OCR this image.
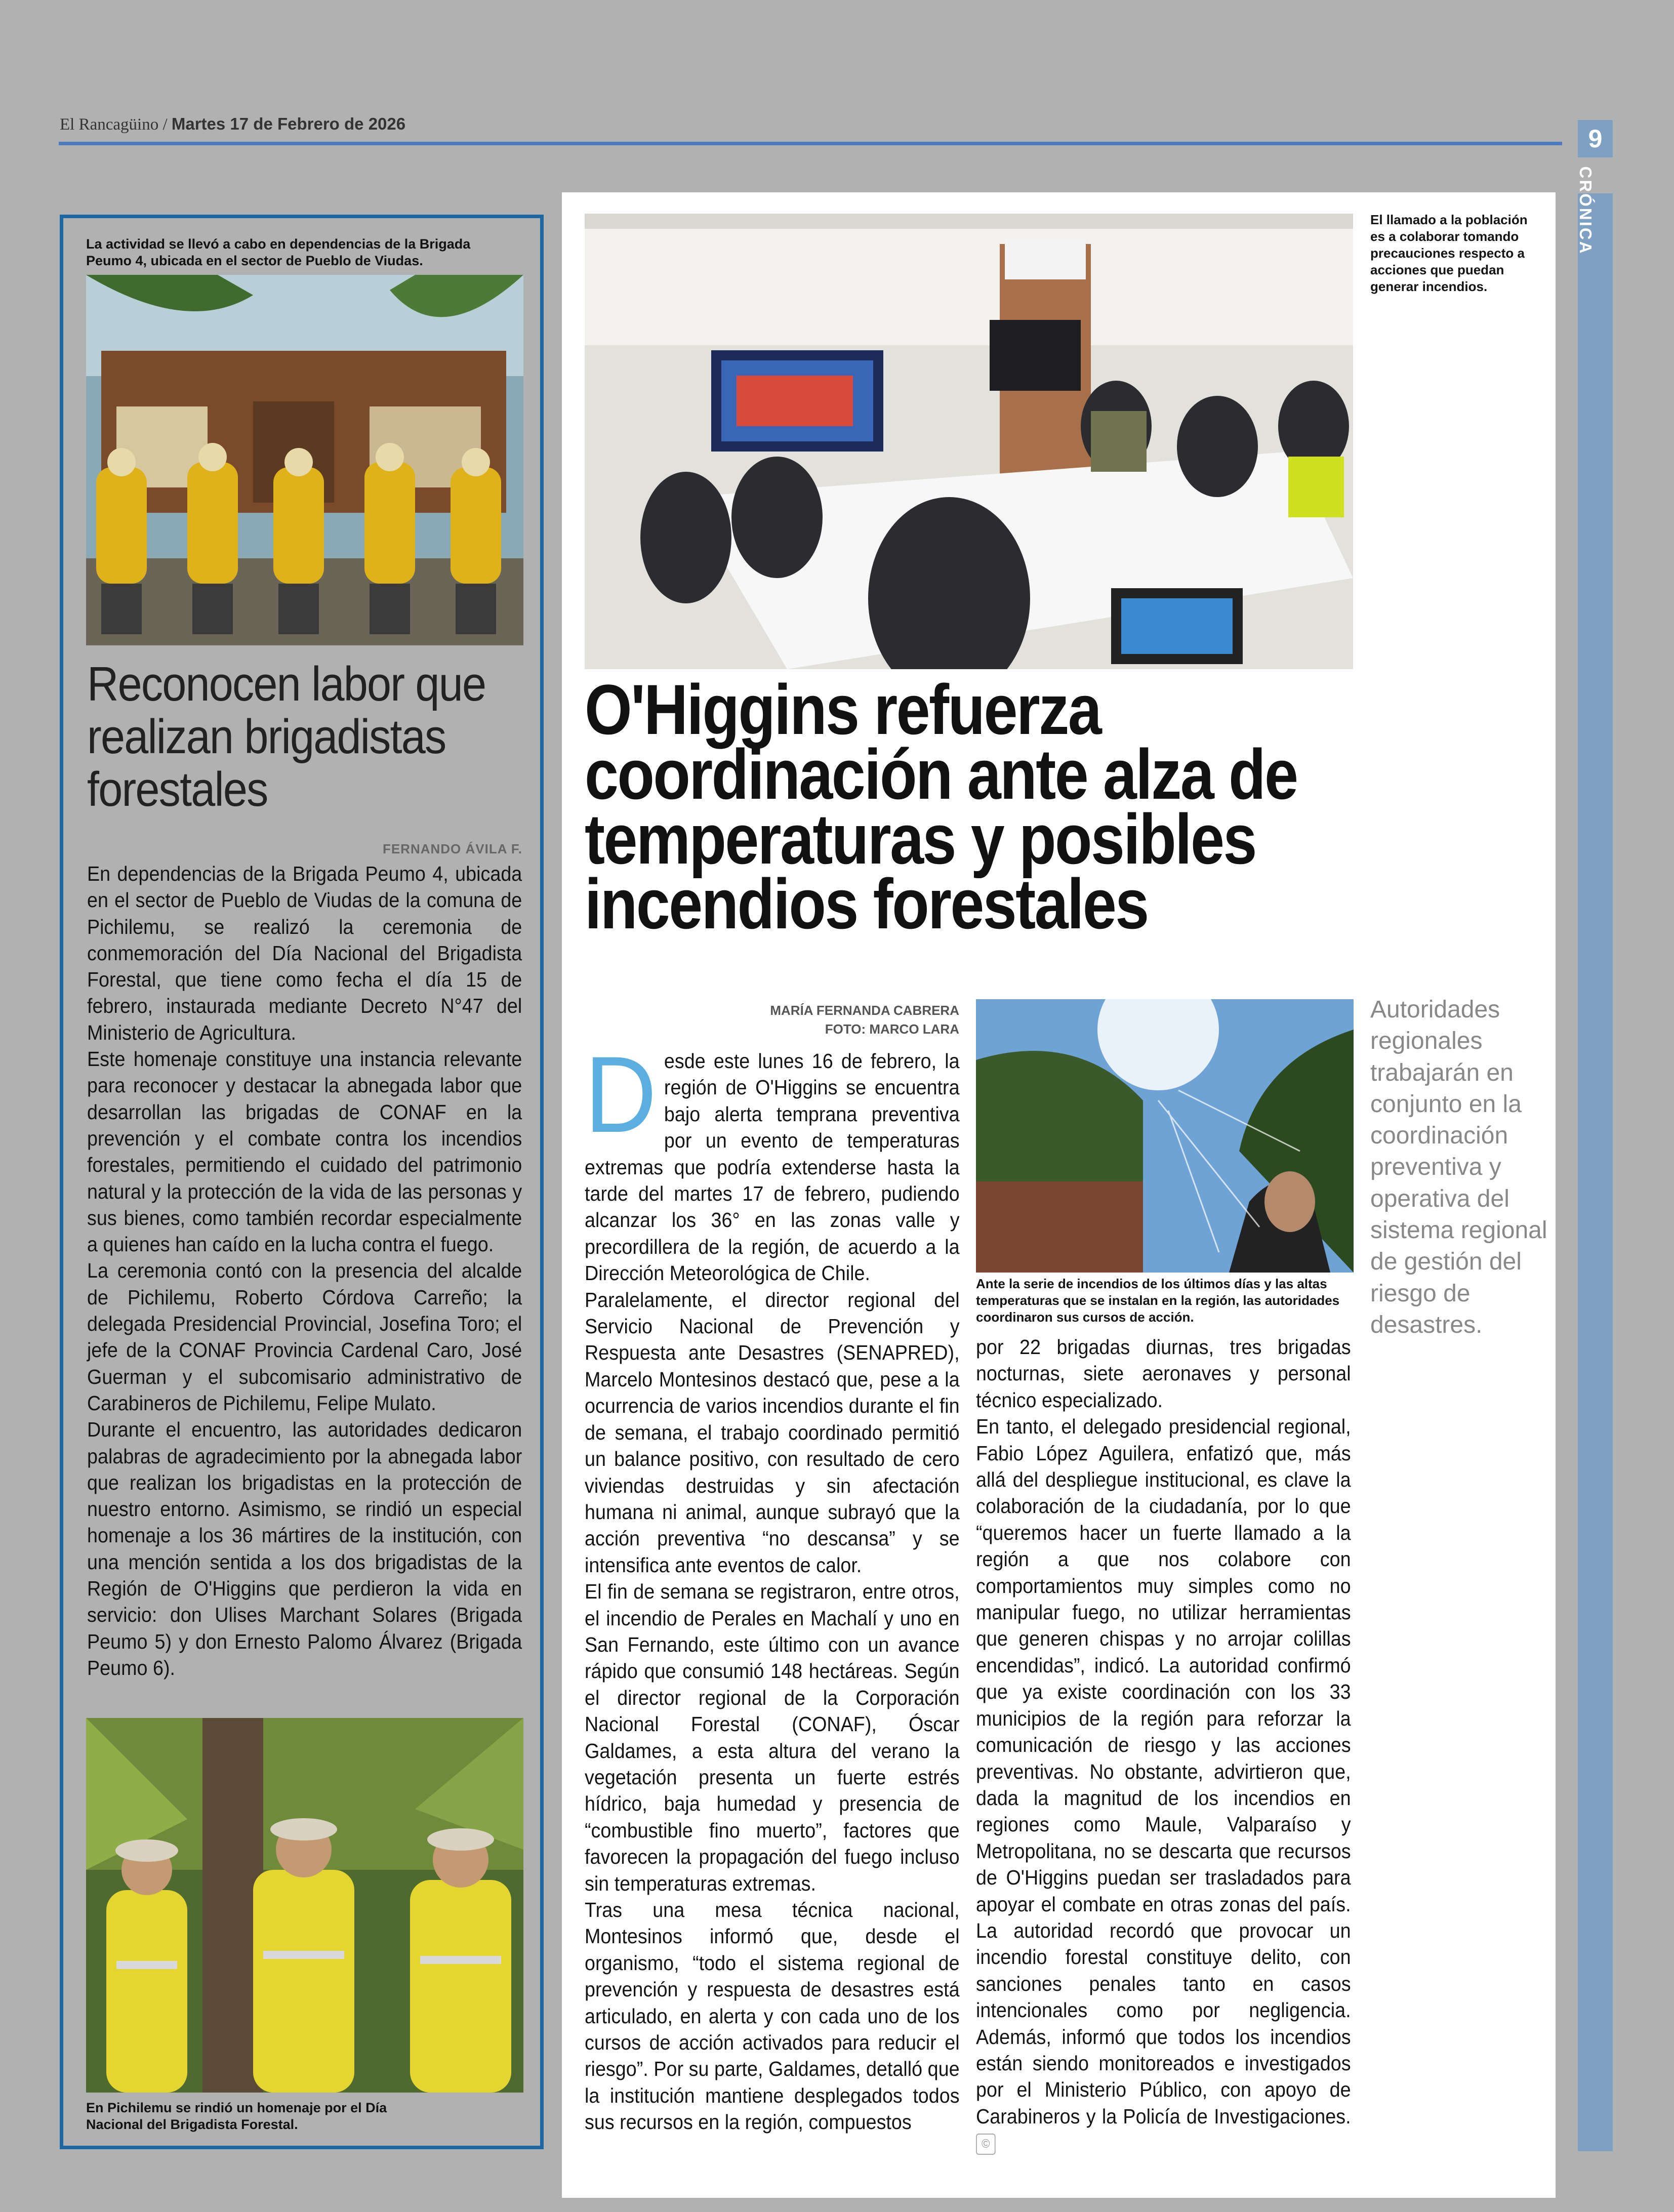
El Rancagüino / Martes 17 de Febrero de 2026
9
CRÓNICA
La actividad se llevó a cabo en dependencias de la Brigada Peumo 4, ubicada en el sector de Pueblo de Viudas.
Reconocen labor que realizan brigadistas forestales
FERNANDO ÁVILA F.

En dependencias de la Brigada Peumo 4, ubicada en el sector de Pueblo de Viudas de la comuna de Pichilemu, se realizó la ceremonia de conmemoración del Día Nacional del Brigadista Forestal, que tiene como fecha el día 15 de febrero, instaurada mediante Decreto N°47 del Ministerio de Agricultura.

Este homenaje constituye una instancia relevante para reconocer y destacar la abnegada labor que desarrollan las brigadas de CONAF en la prevención y el combate contra los incendios forestales, permitiendo el cuidado del patrimonio natural y la protección de la vida de las personas y sus bienes, como también recordar especialmente a quienes han caído en la lucha contra el fuego.

La ceremonia contó con la presencia del alcalde de Pichilemu, Roberto Córdova Carreño; la delegada Presidencial Provincial, Josefina Toro; el jefe de la CONAF Provincia Cardenal Caro, José Guerman y el subcomisario administrativo de Carabineros de Pichilemu, Felipe Mulato.

Durante el encuentro, las autoridades dedicaron palabras de agradecimiento por la abnegada labor que realizan los brigadistas en la protección de nuestro entorno. Asimismo, se rindió un especial homenaje a los 36 mártires de la institución, con una mención sentida a los dos brigadistas de la Región de O'Higgins que perdieron la vida en servicio: don Ulises Marchant Solares (Brigada Peumo 5) y don Ernesto Palomo Álvarez (Brigada Peumo 6).

En Pichilemu se rindió un homenaje por el Día Nacional del Brigadista Forestal.
El llamado a la población es a colaborar tomando precauciones respecto a acciones que puedan generar incendios.
O'Higgins refuerza coordinación ante alza de temperaturas y posibles incendios forestales
MARÍA FERNANDA CABRERA
FOTO: MARCO LARA

Desde este lunes 16 de febrero, la región de O'Higgins se encuentra bajo alerta temprana preventiva por un evento de temperaturas extremas que podría extenderse hasta la tarde del martes 17 de febrero, pudiendo alcanzar los 36° en las zonas valle y precordillera de la región, de acuerdo a la Dirección Meteorológica de Chile.

Paralelamente, el director regional del Servicio Nacional de Prevención y Respuesta ante Desastres (SENAPRED), Marcelo Montesinos destacó que, pese a la ocurrencia de varios incendios durante el fin de semana, el trabajo coordinado permitió un balance positivo, con resultado de cero viviendas destruidas y sin afectación humana ni animal, aunque subrayó que la acción preventiva “no descansa” y se intensifica ante eventos de calor.

El fin de semana se registraron, entre otros, el incendio de Perales en Machalí y uno en San Fernando, este último con un avance rápido que consumió 148 hectáreas. Según el director regional de la Corporación Nacional Forestal (CONAF), Óscar Galdames, a esta altura del verano la vegetación presenta un fuerte estrés hídrico, baja humedad y presencia de “combustible fino muerto”, factores que favorecen la propagación del fuego incluso sin temperaturas extremas.

Tras una mesa técnica nacional, Montesinos informó que, desde el organismo, “todo el sistema regional de prevención y respuesta de desastres está articulado, en alerta y con cada uno de los cursos de acción activados para reducir el riesgo”. Por su parte, Galdames, detalló que la institución mantiene desplegados todos sus recursos en la región, compuestos

Ante la serie de incendios de los últimos días y las altas temperaturas que se instalan en la región, las autoridades coordinaron sus cursos de acción.

por 22 brigadas diurnas, tres brigadas nocturnas, siete aeronaves y personal técnico especializado.

En tanto, el delegado presidencial regional, Fabio López Aguilera, enfatizó que, más allá del despliegue institucional, es clave la colaboración de la ciudadanía, por lo que “queremos hacer un fuerte llamado a la región a que nos colabore con comportamientos muy simples como no manipular fuego, no utilizar herramientas que generen chispas y no arrojar colillas encendidas”, indicó. La autoridad confirmó que ya existe coordinación con los 33 municipios de la región para reforzar la comunicación de riesgo y las acciones preventivas. No obstante, advirtieron que, dada la magnitud de los incendios en regiones como Maule, Valparaíso y Metropolitana, no se descarta que recursos de O'Higgins puedan ser trasladados para apoyar el combate en otras zonas del país. La autoridad recordó que provocar un incendio forestal constituye delito, con sanciones penales tanto en casos intencionales como por negligencia. Además, informó que todos los incendios están siendo monitoreados e investigados por el Ministerio Público, con apoyo de Carabineros y la Policía de Investigaciones. ©

Autoridades regionales trabajarán en conjunto en la coordinación preventiva y operativa del sistema regional de gestión del riesgo de desastres.
